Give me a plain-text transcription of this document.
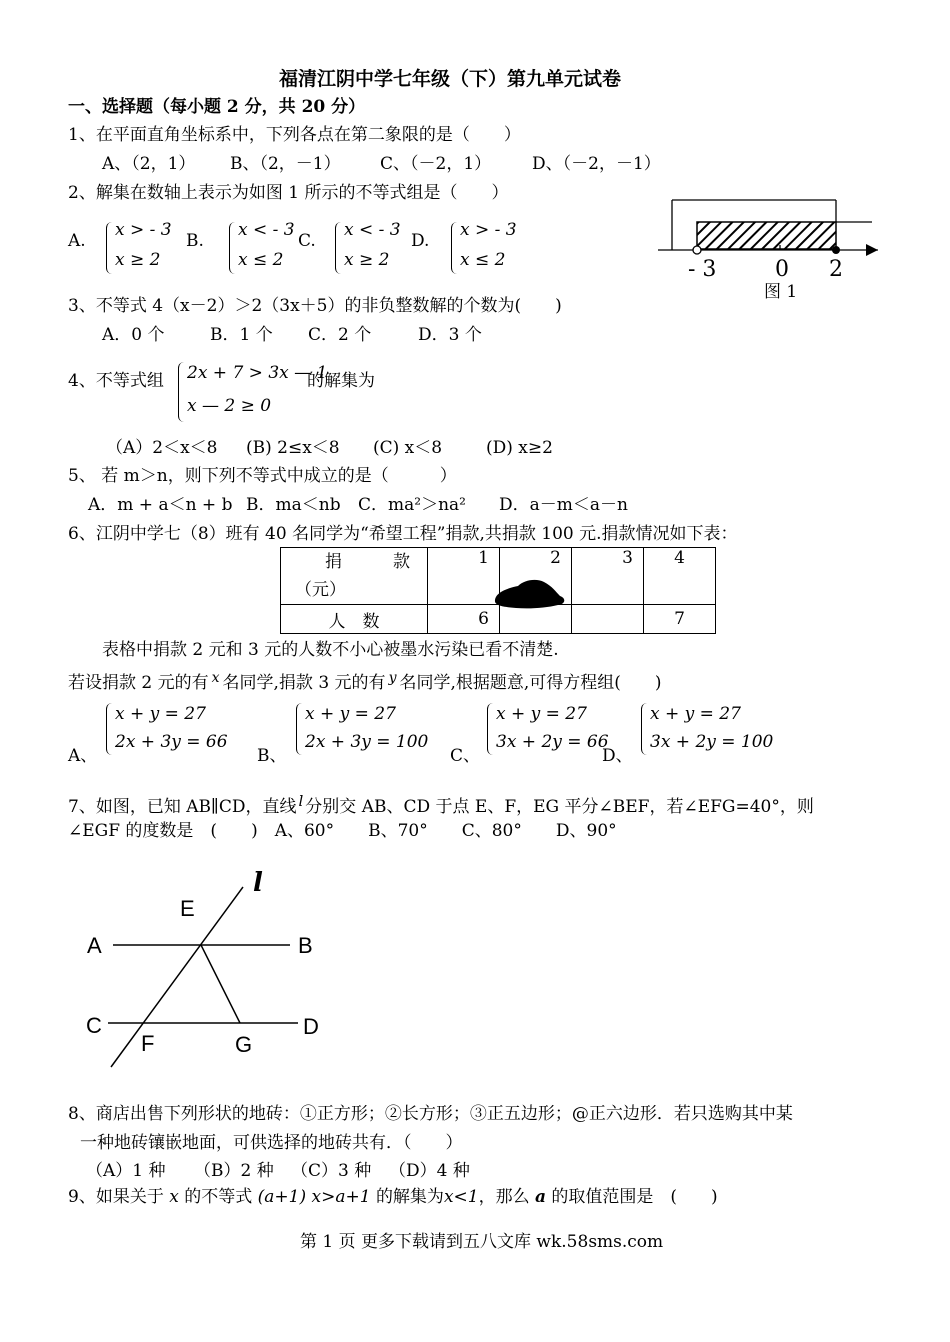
福清江阴中学七年级（下）第九单元试卷
一、选择题（每小题 2 分，共 20 分）
1、在平面直角坐标系中，下列各点在第二象限的是（　　）
A、（2，1） B、（2，－1） C、（－2，1） D、（－2，－1）
2、解集在数轴上表示为如图 1 所示的不等式组是（　　）
A.
x > - 3
x ≥ 2
B.
x < - 3
x ≤ 2
C.
x < - 3
x ≥ 2
D.
x > - 3
x ≤ 2	- 3	0 2
图 1
3、不等式 4（x－2）＞2（3x＋5）的非负整数解的个数为(　　)
A．0 个	B．1 个 C．2 个	D．3 个
4、不等式组 2x + 7 > 3x — 1
x — 2 ≥ 0
的解集为
（A）2＜x＜8 (B) 2≤x＜8 (C) x＜8	(D) x≥2
5、 若 m＞n，则下列不等式中成立的是（　　　）
A．m + a＜n + b B．ma＜nb C．ma²＞na² D．a－m＜a－n
6、江阴中学七（8）班有 40 名同学为“希望工程”捐款,共捐款 100 元.捐款情况如下表：
捐　　　款
（元）	1	2	3	4
人　数	6			7
表格中捐款 2 元和 3 元的人数不小心被墨水污染已看不清楚.
若设捐款 2 元的有 $^x$ 名同学,捐款 3 元的有 $^y$ 名同学,根据题意,可得方程组(　　)
A、
x + y = 27
2x + 3y = 66
B、
x + y = 27
2x + 3y = 100
C、
x + y = 27
3x + 2y = 66
D、
x + y = 27
3x + 2y = 100
7、如图，已知 AB∥CD，直线 l 分别交 AB、CD 于点 E、F，EG 平分∠BEF，若∠EFG=40°，则
∠EGF 的度数是　(　　)　A、60°　　B、70°　　C、80°　　D、90°
E
A	B
C	D
F	G
l
8、商店出售下列形状的地砖：①正方形；②长方形；③正五边形；@正六边形．若只选购其中某
一种地砖镶嵌地面，可供选择的地砖共有．（　　）
（A）1 种 （B）2 种 （C）3 种 （D）4 种
9、如果关于 x 的不等式 (a+1) x>a+1 的解集为x<1，那么 a 的取值范围是　(　　)
第 1 页 更多下载请到五八文库 wk.58sms.com
